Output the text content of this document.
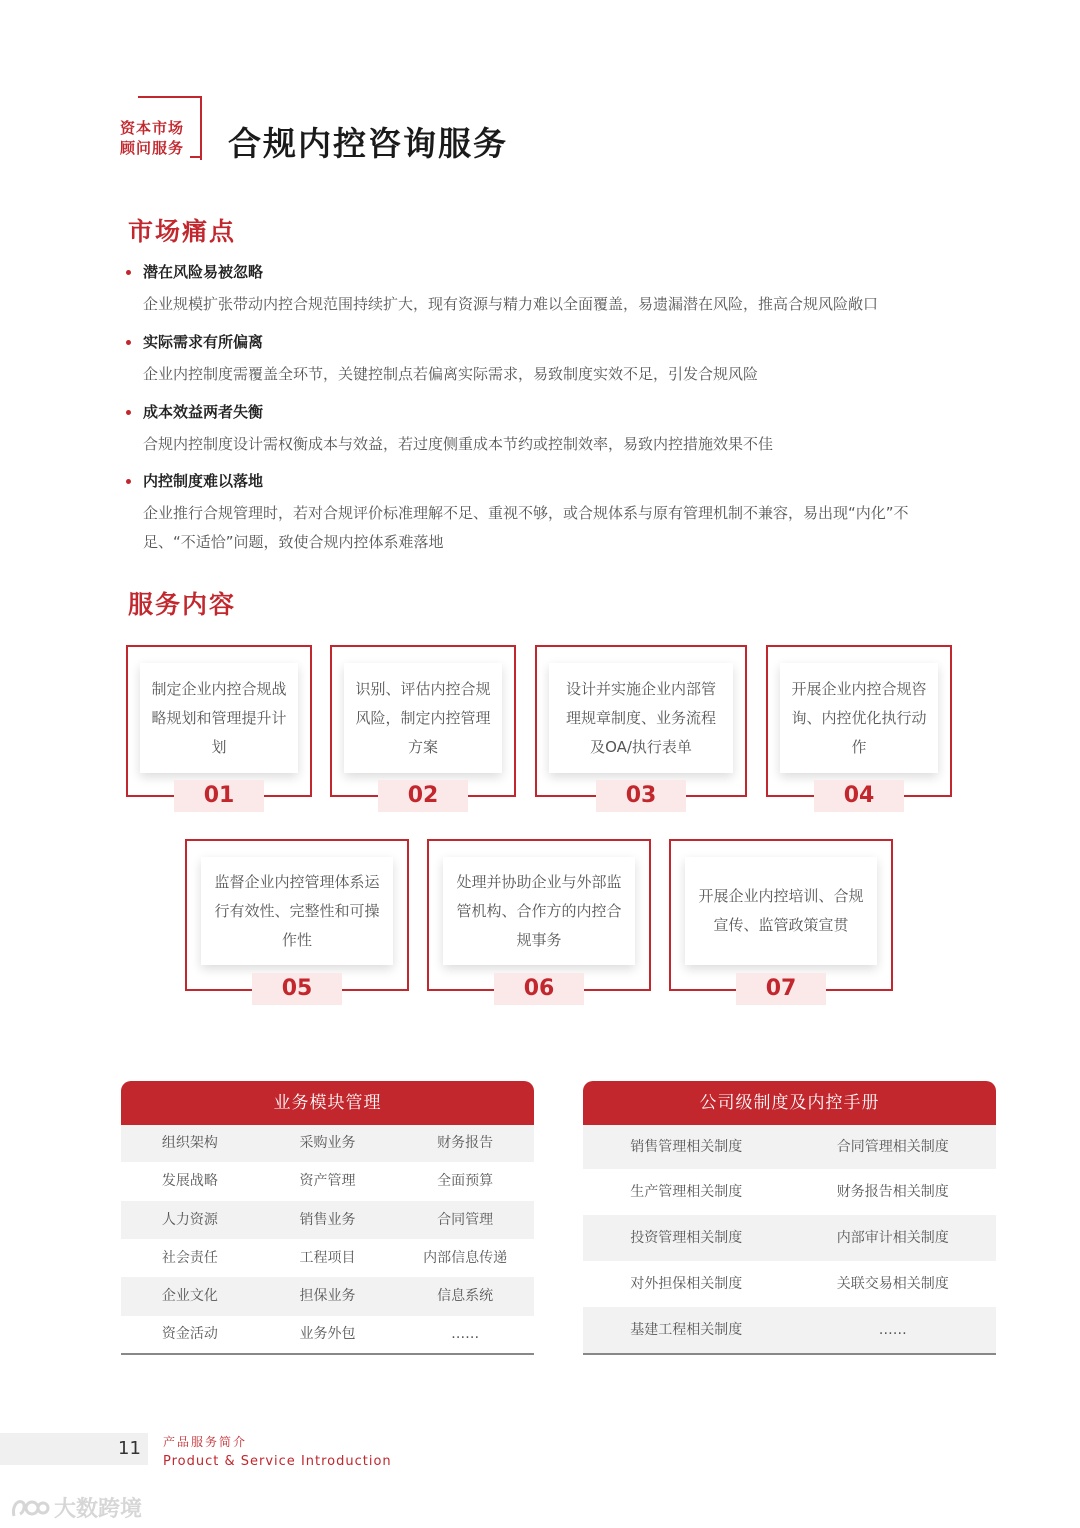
资本市场
顾问服务 合规内控咨询服务
市场痛点
潜在风险易被忽略
企业规模扩张带动内控合规范围持续扩大，现有资源与精力难以全面覆盖，易遗漏潜在风险，推高合规风险敞口
实际需求有所偏离
企业内控制度需覆盖全环节，关键控制点若偏离实际需求，易致制度实效不足，引发合规风险
成本效益两者失衡
合规内控制度设计需权衡成本与效益，若过度侧重成本节约或控制效率，易致内控措施效果不佳
内控制度难以落地
企业推行合规管理时，若对合规评价标准理解不足、重视不够，或合规体系与原有管理机制不兼容，易出现“内化”不足、“不适恰”问题，致使合规内控体系难落地
服务内容
制定企业内控合规战略规划和管理提升计划
01
识别、评估内控合规风险，制定内控管理方案
02
设计并实施企业内部管理规章制度、业务流程及OA/执行表单
03
开展企业内控合规咨询、内控优化执行动作
04
监督企业内控管理体系运行有效性、完整性和可操作性
05
处理并协助企业与外部监管机构、合作方的内控合规事务
06
开展企业内控培训、合规宣传、监管政策宣贯
07
业务模块管理
组织架构	采购业务	财务报告
发展战略	资产管理	全面预算
人力资源	销售业务	合同管理
社会责任	工程项目	内部信息传递
企业文化	担保业务	信息系统
资金活动	业务外包	……
公司级制度及内控手册
销售管理相关制度	合同管理相关制度
生产管理相关制度	财务报告相关制度
投资管理相关制度	内部审计相关制度
对外担保相关制度	关联交易相关制度
基建工程相关制度	……
11 产品服务简介
Product & Service Introduction
大数跨境
